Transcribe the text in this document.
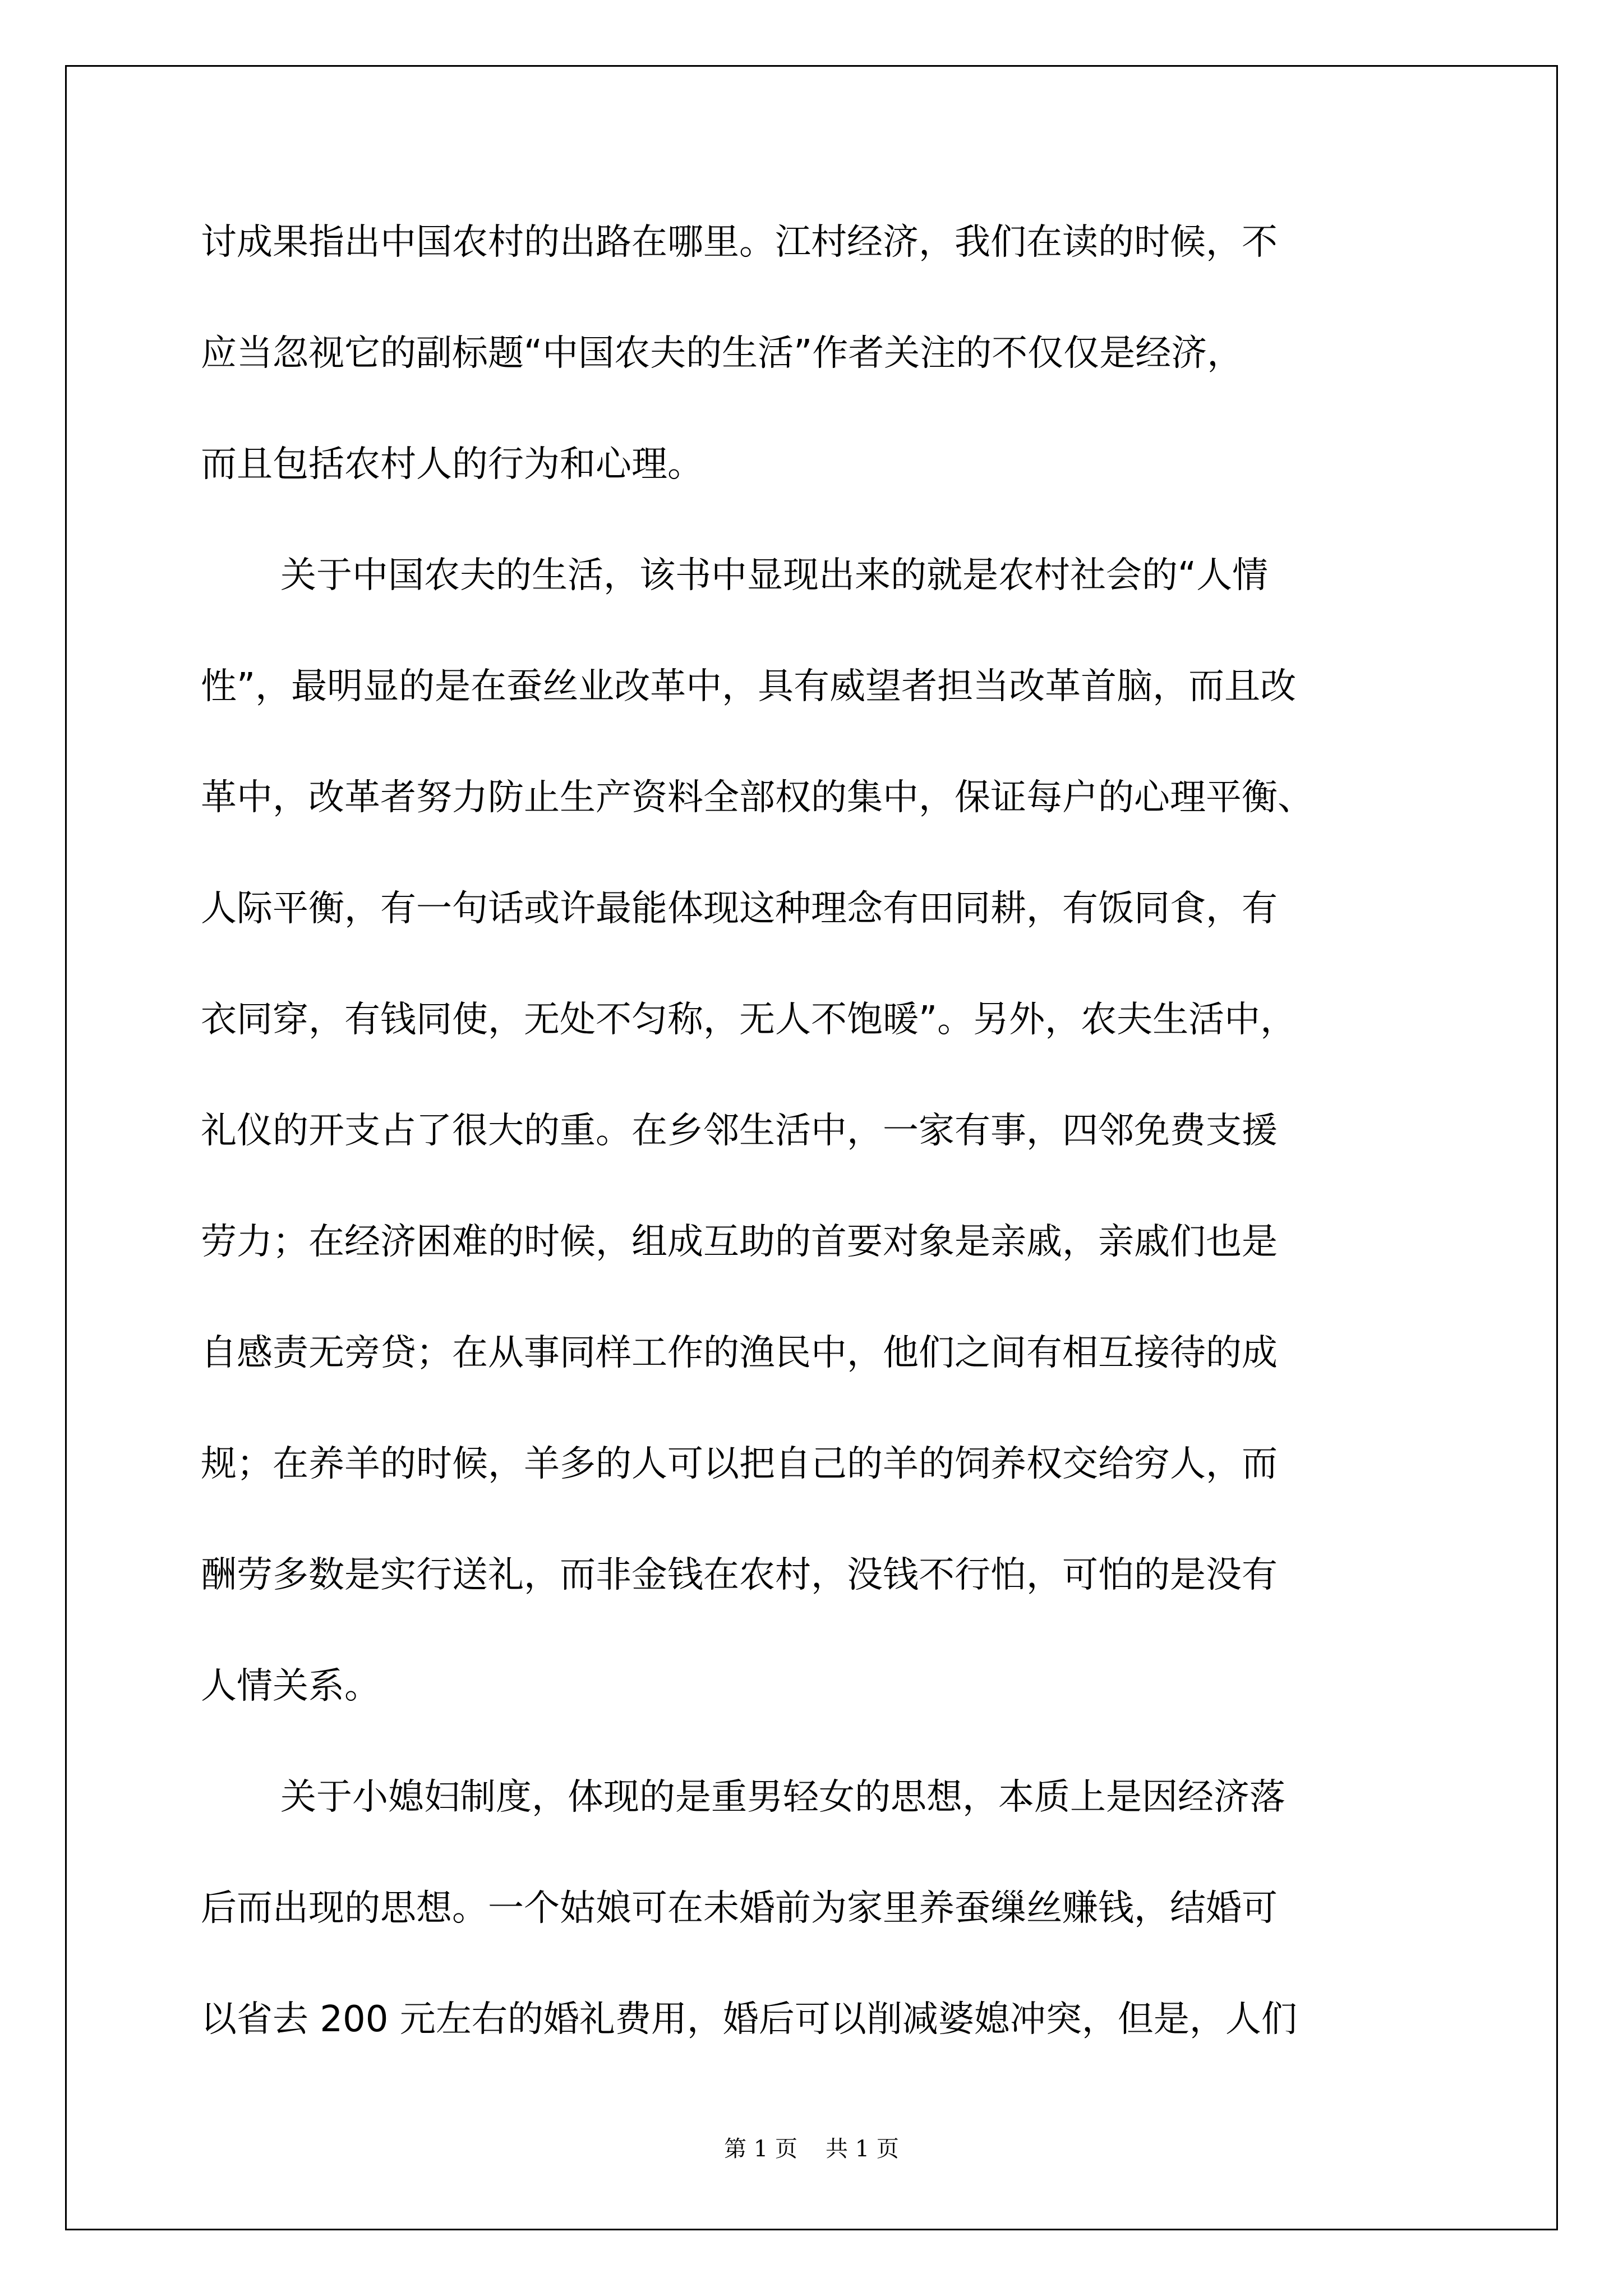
讨成果指出中国农村的出路在哪里。江村经济，我们在读的时候，不
应当忽视它的副标题“中国农夫的生活”作者关注的不仅仅是经济，
而且包括农村人的行为和心理。
关于中国农夫的生活，该书中显现出来的就是农村社会的“人情
性”，最明显的是在蚕丝业改革中，具有威望者担当改革首脑，而且改
革中，改革者努力防止生产资料全部权的集中，保证每户的心理平衡、
人际平衡，有一句话或许最能体现这种理念有田同耕，有饭同食，有
衣同穿，有钱同使，无处不匀称，无人不饱暖”。另外，农夫生活中，
礼仪的开支占了很大的重。在乡邻生活中，一家有事，四邻免费支援
劳力；在经济困难的时候，组成互助的首要对象是亲戚，亲戚们也是
自感责无旁贷；在从事同样工作的渔民中，他们之间有相互接待的成
规；在养羊的时候，羊多的人可以把自己的羊的饲养权交给穷人，而
酬劳多数是实行送礼，而非金钱在农村，没钱不行怕，可怕的是没有
人情关系。
关于小媳妇制度，体现的是重男轻女的思想，本质上是因经济落
后而出现的思想。一个姑娘可在未婚前为家里养蚕缫丝赚钱，结婚可
以省去 200 元左右的婚礼费用，婚后可以削减婆媳冲突，但是，人们
第 1 页 共 1 页
